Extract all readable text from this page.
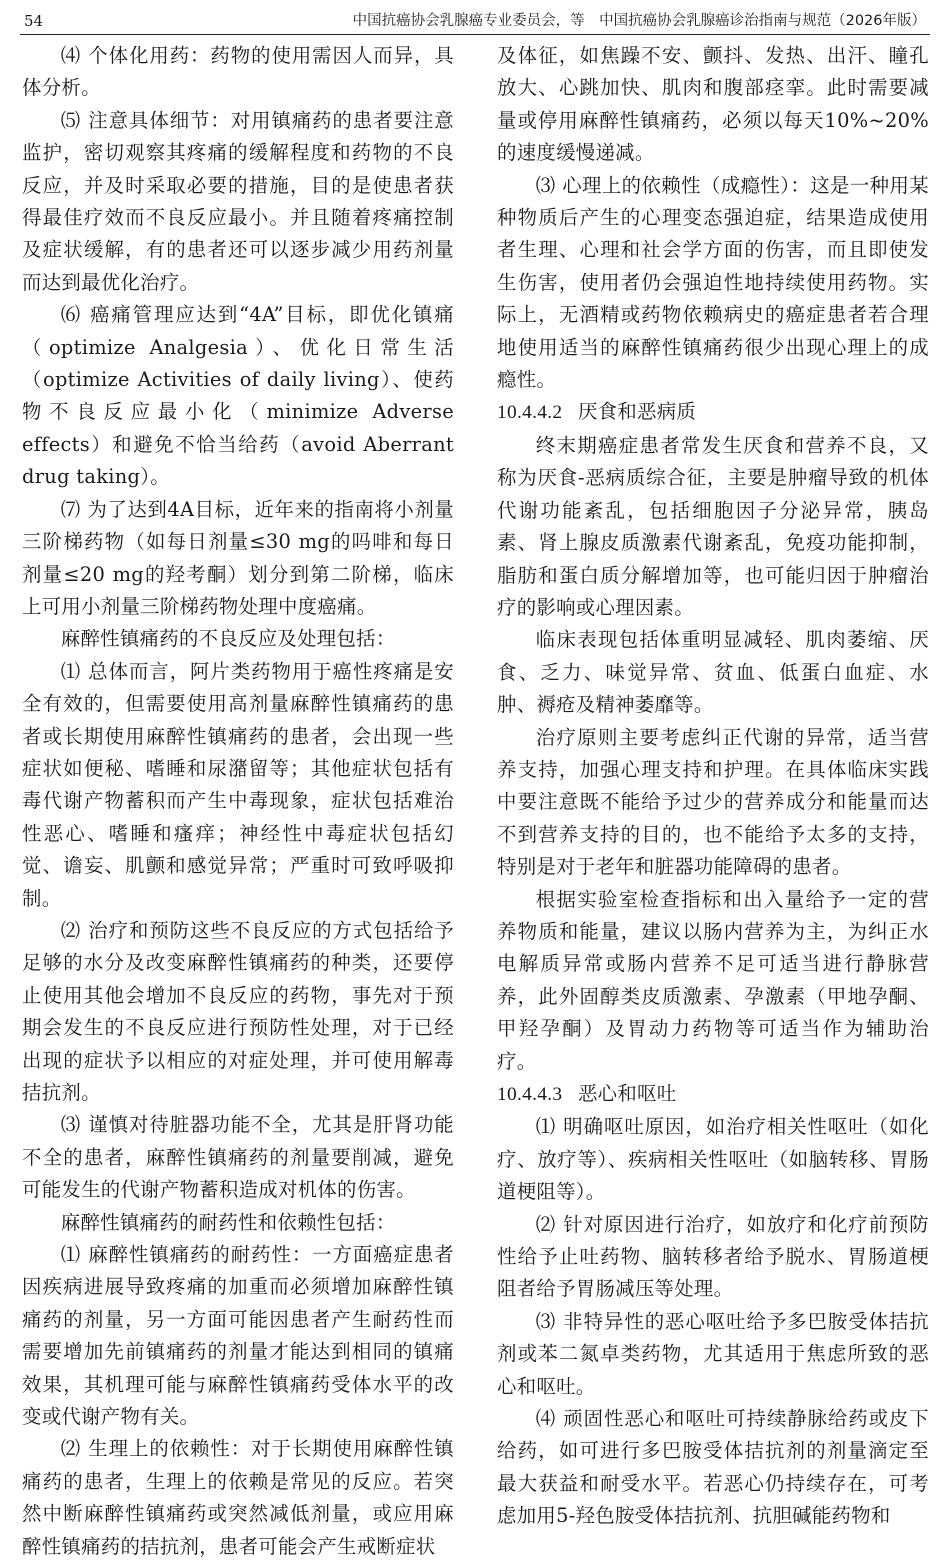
54	中国抗癌协会乳腺癌专业委员会，等　中国抗癌协会乳腺癌诊治指南与规范（2026年版）

⑷ 个体化用药：药物的使用需因人而异，具体分析。

⑸ 注意具体细节：对用镇痛药的患者要注意监护，密切观察其疼痛的缓解程度和药物的不良反应，并及时采取必要的措施，目的是使患者获得最佳疗效而不良反应最小。并且随着疼痛控制及症状缓解，有的患者还可以逐步减少用药剂量而达到最优化治疗。

⑹ 癌痛管理应达到“4A”目标，即优化镇痛（optimize Analgesia）、优化日常生活（optimize Activities of daily living）、使药物不良反应最小化（minimize Adverse effects）和避免不恰当给药（avoid Aberrant drug taking）。

⑺ 为了达到4A目标，近年来的指南将小剂量三阶梯药物（如每日剂量≤30 mg的吗啡和每日剂量≤20 mg的羟考酮）划分到第二阶梯，临床上可用小剂量三阶梯药物处理中度癌痛。

麻醉性镇痛药的不良反应及处理包括：

⑴ 总体而言，阿片类药物用于癌性疼痛是安全有效的，但需要使用高剂量麻醉性镇痛药的患者或长期使用麻醉性镇痛药的患者，会出现一些症状如便秘、嗜睡和尿潴留等；其他症状包括有毒代谢产物蓄积而产生中毒现象，症状包括难治性恶心、嗜睡和瘙痒；神经性中毒症状包括幻觉、谵妄、肌颤和感觉异常；严重时可致呼吸抑制。

⑵ 治疗和预防这些不良反应的方式包括给予足够的水分及改变麻醉性镇痛药的种类，还要停止使用其他会增加不良反应的药物，事先对于预期会发生的不良反应进行预防性处理，对于已经出现的症状予以相应的对症处理，并可使用解毒拮抗剂。

⑶ 谨慎对待脏器功能不全，尤其是肝肾功能不全的患者，麻醉性镇痛药的剂量要削减，避免可能发生的代谢产物蓄积造成对机体的伤害。

麻醉性镇痛药的耐药性和依赖性包括：

⑴ 麻醉性镇痛药的耐药性：一方面癌症患者因疾病进展导致疼痛的加重而必须增加麻醉性镇痛药的剂量，另一方面可能因患者产生耐药性而需要增加先前镇痛药的剂量才能达到相同的镇痛效果，其机理可能与麻醉性镇痛药受体水平的改变或代谢产物有关。

⑵ 生理上的依赖性：对于长期使用麻醉性镇痛药的患者，生理上的依赖是常见的反应。若突然中断麻醉性镇痛药或突然减低剂量，或应用麻醉性镇痛药的拮抗剂，患者可能会产生戒断症状

及体征，如焦躁不安、颤抖、发热、出汗、瞳孔放大、心跳加快、肌肉和腹部痉挛。此时需要减量或停用麻醉性镇痛药，必须以每天10%~20%的速度缓慢递减。

⑶ 心理上的依赖性（成瘾性）：这是一种用某种物质后产生的心理变态强迫症，结果造成使用者生理、心理和社会学方面的伤害，而且即使发生伤害，使用者仍会强迫性地持续使用药物。实际上，无酒精或药物依赖病史的癌症患者若合理地使用适当的麻醉性镇痛药很少出现心理上的成瘾性。

10.4.4.2 厌食和恶病质

终末期癌症患者常发生厌食和营养不良，又称为厌食-恶病质综合征，主要是肿瘤导致的机体代谢功能紊乱，包括细胞因子分泌异常，胰岛素、肾上腺皮质激素代谢紊乱，免疫功能抑制，脂肪和蛋白质分解增加等，也可能归因于肿瘤治疗的影响或心理因素。

临床表现包括体重明显减轻、肌肉萎缩、厌食、乏力、味觉异常、贫血、低蛋白血症、水肿、褥疮及精神萎靡等。

治疗原则主要考虑纠正代谢的异常，适当营养支持，加强心理支持和护理。在具体临床实践中要注意既不能给予过少的营养成分和能量而达不到营养支持的目的，也不能给予太多的支持，特别是对于老年和脏器功能障碍的患者。

根据实验室检查指标和出入量给予一定的营养物质和能量，建议以肠内营养为主，为纠正水电解质异常或肠内营养不足可适当进行静脉营养，此外固醇类皮质激素、孕激素（甲地孕酮、甲羟孕酮）及胃动力药物等可适当作为辅助治疗。

10.4.4.3 恶心和呕吐

⑴ 明确呕吐原因，如治疗相关性呕吐（如化疗、放疗等）、疾病相关性呕吐（如脑转移、胃肠道梗阻等）。

⑵ 针对原因进行治疗，如放疗和化疗前预防性给予止吐药物、脑转移者给予脱水、胃肠道梗阻者给予胃肠减压等处理。

⑶ 非特异性的恶心呕吐给予多巴胺受体拮抗剂或苯二氮卓类药物，尤其适用于焦虑所致的恶心和呕吐。

⑷ 顽固性恶心和呕吐可持续静脉给药或皮下给药，如可进行多巴胺受体拮抗剂的剂量滴定至最大获益和耐受水平。若恶心仍持续存在，可考虑加用5-羟色胺受体拮抗剂、抗胆碱能药物和
